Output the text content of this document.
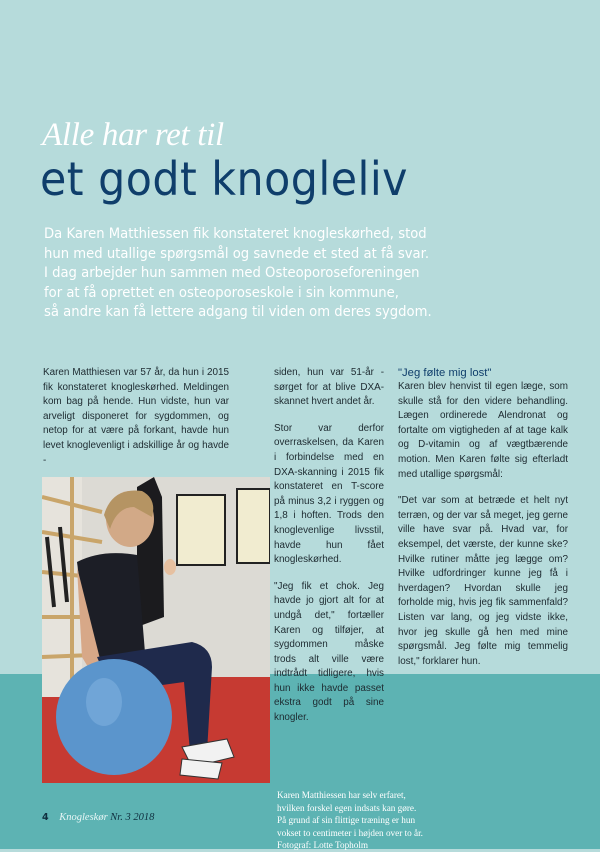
Alle har ret til
et godt knogleliv
Da Karen Matthiessen fik konstateret knogleskørhed, stod
hun med utallige spørgsmål og savnede et sted at få svar.
I dag arbejder hun sammen med Osteoporoseforeningen
for at få oprettet en osteoporoseskole i sin kommune,
så andre kan få lettere adgang til viden om deres sygdom.

Karen Matthiesen var 57 år, da hun i 2015 fik konstateret knogleskørhed. Meldingen kom bag på hende. Hun vidste, hun var arveligt disponeret for sygdommen, og netop for at være på forkant, havde hun levet knoglevenligt i adskillige år og havde -

siden, hun var 51-år - sørget for at blive DXA-skannet hvert andet år.

Stor var derfor overraskelsen, da Karen i forbindelse med en DXA-skanning i 2015 fik konstateret en T-score på minus 3,2 i ryggen og 1,8 i hoften. Trods den knoglevenlige livsstil, havde hun fået knogleskørhed.

"Jeg fik et chok. Jeg havde jo gjort alt for at undgå det," fortæller Karen og tilføjer, at sygdommen måske trods alt ville være indtrådt tidligere, hvis hun ikke havde passet ekstra godt på sine knogler.

"Jeg følte mig lost"

Karen blev henvist til egen læge, som skulle stå for den videre behandling. Lægen ordinerede Alendronat og fortalte om vigtigheden af at tage kalk og D-vitamin og af vægtbærende motion. Men Karen følte sig efterladt med utallige spørgsmål:

"Det var som at betræde et helt nyt terræn, og der var så meget, jeg gerne ville have svar på. Hvad var, for eksempel, det værste, der kunne ske? Hvilke rutiner måtte jeg lægge om? Hvilke udfordringer kunne jeg få i hverdagen? Hvordan skulle jeg forholde mig, hvis jeg fik sammenfald? Listen var lang, og jeg vidste ikke, hvor jeg skulle gå hen med mine spørgsmål. Jeg følte mig temmelig lost," forklarer hun.

Karen Matthiessen har selv erfaret,
hvilken forskel egen indsats kan gøre.
På grund af sin flittige træning er hun
vokset to centimeter i højden over to år.
Fotograf: Lotte Topholm
4 Knogleskør Nr. 3 2018
